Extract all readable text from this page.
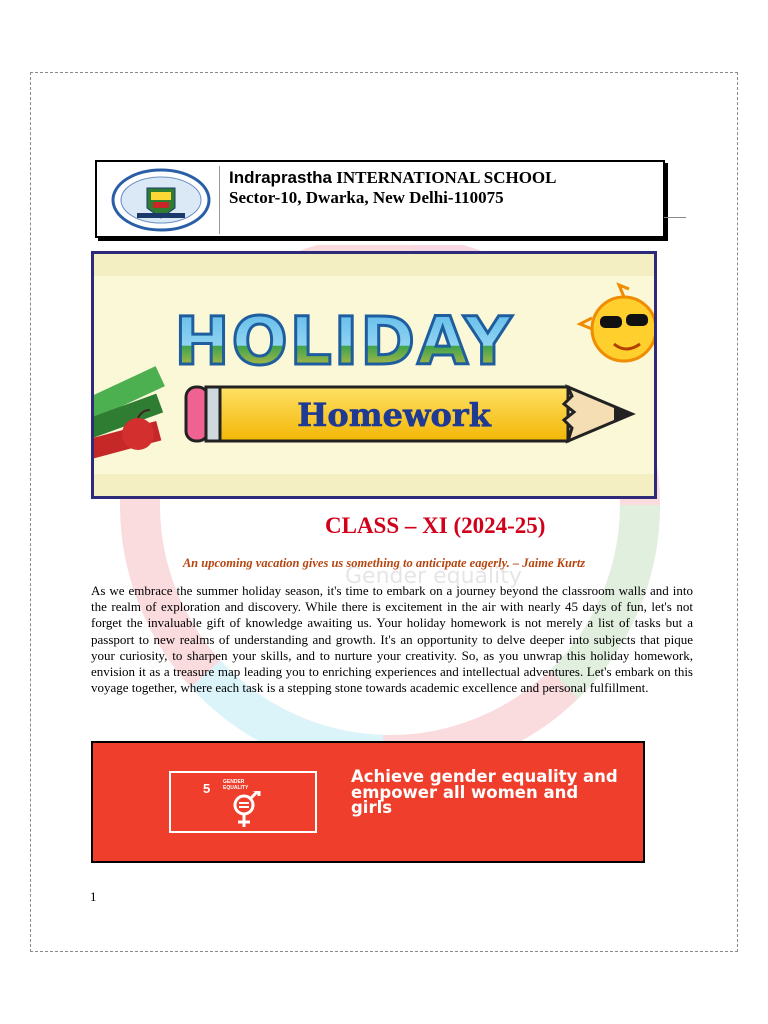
Gender equality
Indraprastha INTERNATIONAL SCHOOL
Sector-10, Dwarka, New Delhi-110075
HOLIDAY
Homework
CLASS – XI (2024-25)
An upcoming vacation gives us something to anticipate eagerly. – Jaime Kurtz
As we embrace the summer holiday season, it's time to embark on a journey beyond the classroom walls and into the realm of exploration and discovery. While there is excitement in the air with nearly 45 days of fun, let's not forget the invaluable gift of knowledge awaiting us. Your holiday homework is not merely a list of tasks but a passport to new realms of understanding and growth. It's an opportunity to delve deeper into subjects that pique your curiosity, to sharpen your skills, and to nurture your creativity. So, as you unwrap this holiday homework, envision it as a treasure map leading you to enriching experiences and intellectual adventures. Let's embark on this voyage together, where each task is a stepping stone towards academic excellence and personal fulfillment.
5	GENDER EQUALITY
Achieve gender equality and empower all women and girls
1
